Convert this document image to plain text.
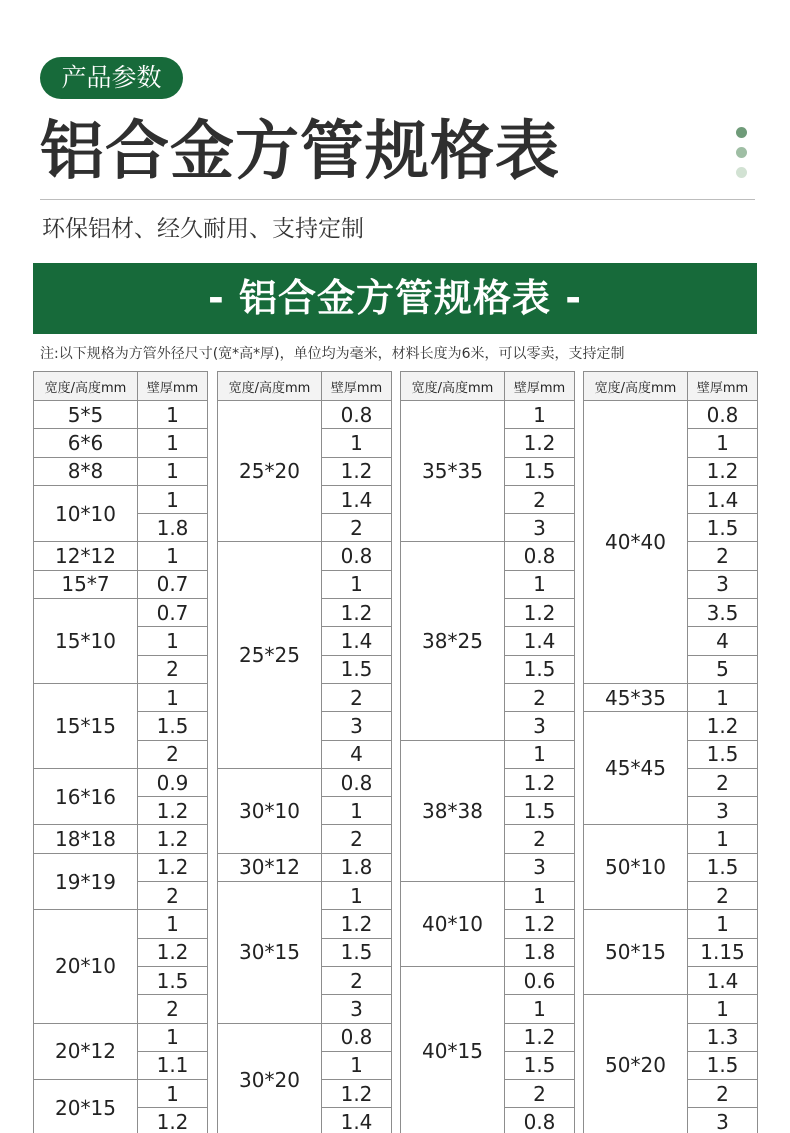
产品参数
铝合金方管规格表
环保铝材、经久耐用、支持定制
- 铝合金方管规格表 -
注:以下规格为方管外径尺寸(宽*高*厚)，单位均为毫米，材料长度为6米，可以零卖，支持定制
宽度/高度mm	壁厚mm
5*5	1
6*6	1
8*8	1
10*10	1
	1.8
12*12	1
15*7	0.7
15*10	0.7
	1
	2
15*15	1
	1.5
	2
16*16	0.9
	1.2
18*18	1.2
19*19	1.2
	2
20*10	1
	1.2
	1.5
	2
20*12	1
	1.1
20*15	1
	1.2
宽度/高度mm	壁厚mm
25*20	0.8
	1
	1.2
	1.4
	2
25*25	0.8
	1
	1.2
	1.4
	1.5
	2
	3
	4
30*10	0.8
	1
	2
30*12	1.8
30*15	1
	1.2
	1.5
	2
	3
30*20	0.8
	1
	1.2
	1.4
宽度/高度mm	壁厚mm
35*35	1
	1.2
	1.5
	2
	3
38*25	0.8
	1
	1.2
	1.4
	1.5
	2
	3
38*38	1
	1.2
	1.5
	2
	3
40*10	1
	1.2
	1.8
40*15	0.6
	1
	1.2
	1.5
	2
	0.8
宽度/高度mm	壁厚mm
40*40	0.8
	1
	1.2
	1.4
	1.5
	2
	3
	3.5
	4
	5
45*35	1
45*45	1.2
	1.5
	2
	3
50*10	1
	1.5
	2
50*15	1
	1.15
	1.4
50*20	1
	1.3
	1.5
	2
	3
